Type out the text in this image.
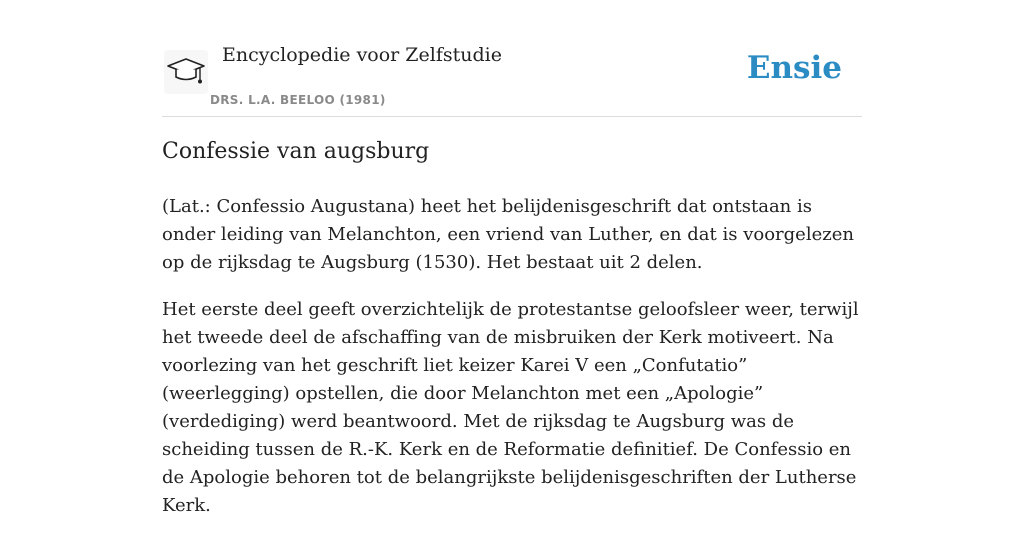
Encyclopedie voor Zelfstudie
DRS. L.A. BEELOO (1981)
Ensie
Confessie van augsburg

(Lat.: Confessio Augustana) heet het belijdenisgeschrift dat ontstaan is onder leiding van Melanchton, een vriend van Luther, en dat is voorgelezen op de rijksdag te Augsburg (1530). Het bestaat uit 2 delen.

Het eerste deel geeft overzichtelijk de protestantse geloofsleer weer, terwijl het tweede deel de afschaffing van de misbruiken der Kerk motiveert. Na voorlezing van het geschrift liet keizer Karei V een „Confutatio” (weerlegging) opstellen, die door Melanchton met een „Apologie” (verdediging) werd beantwoord. Met de rijksdag te Augsburg was de scheiding tussen de R.-K. Kerk en de Reformatie definitief. De Confessio en de Apologie behoren tot de belangrijkste belijdenisgeschriften der Lutherse Kerk.
